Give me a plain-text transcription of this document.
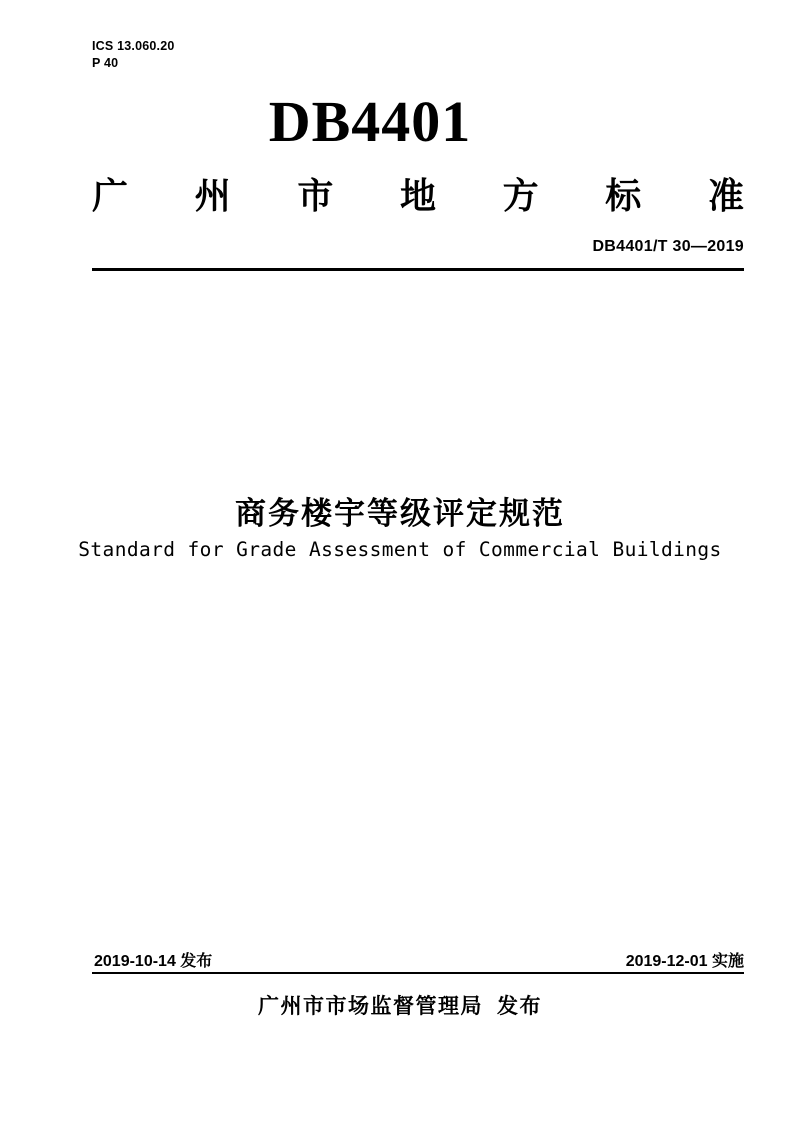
ICS 13.060.20
P 40
DB4401
广 州 市 地 方 标 准
DB4401/T 30—2019
商务楼宇等级评定规范
Standard for Grade Assessment of Commercial Buildings
2019-10-14 发布	2019-12-01 实施
广州市市场监督管理局 发布
